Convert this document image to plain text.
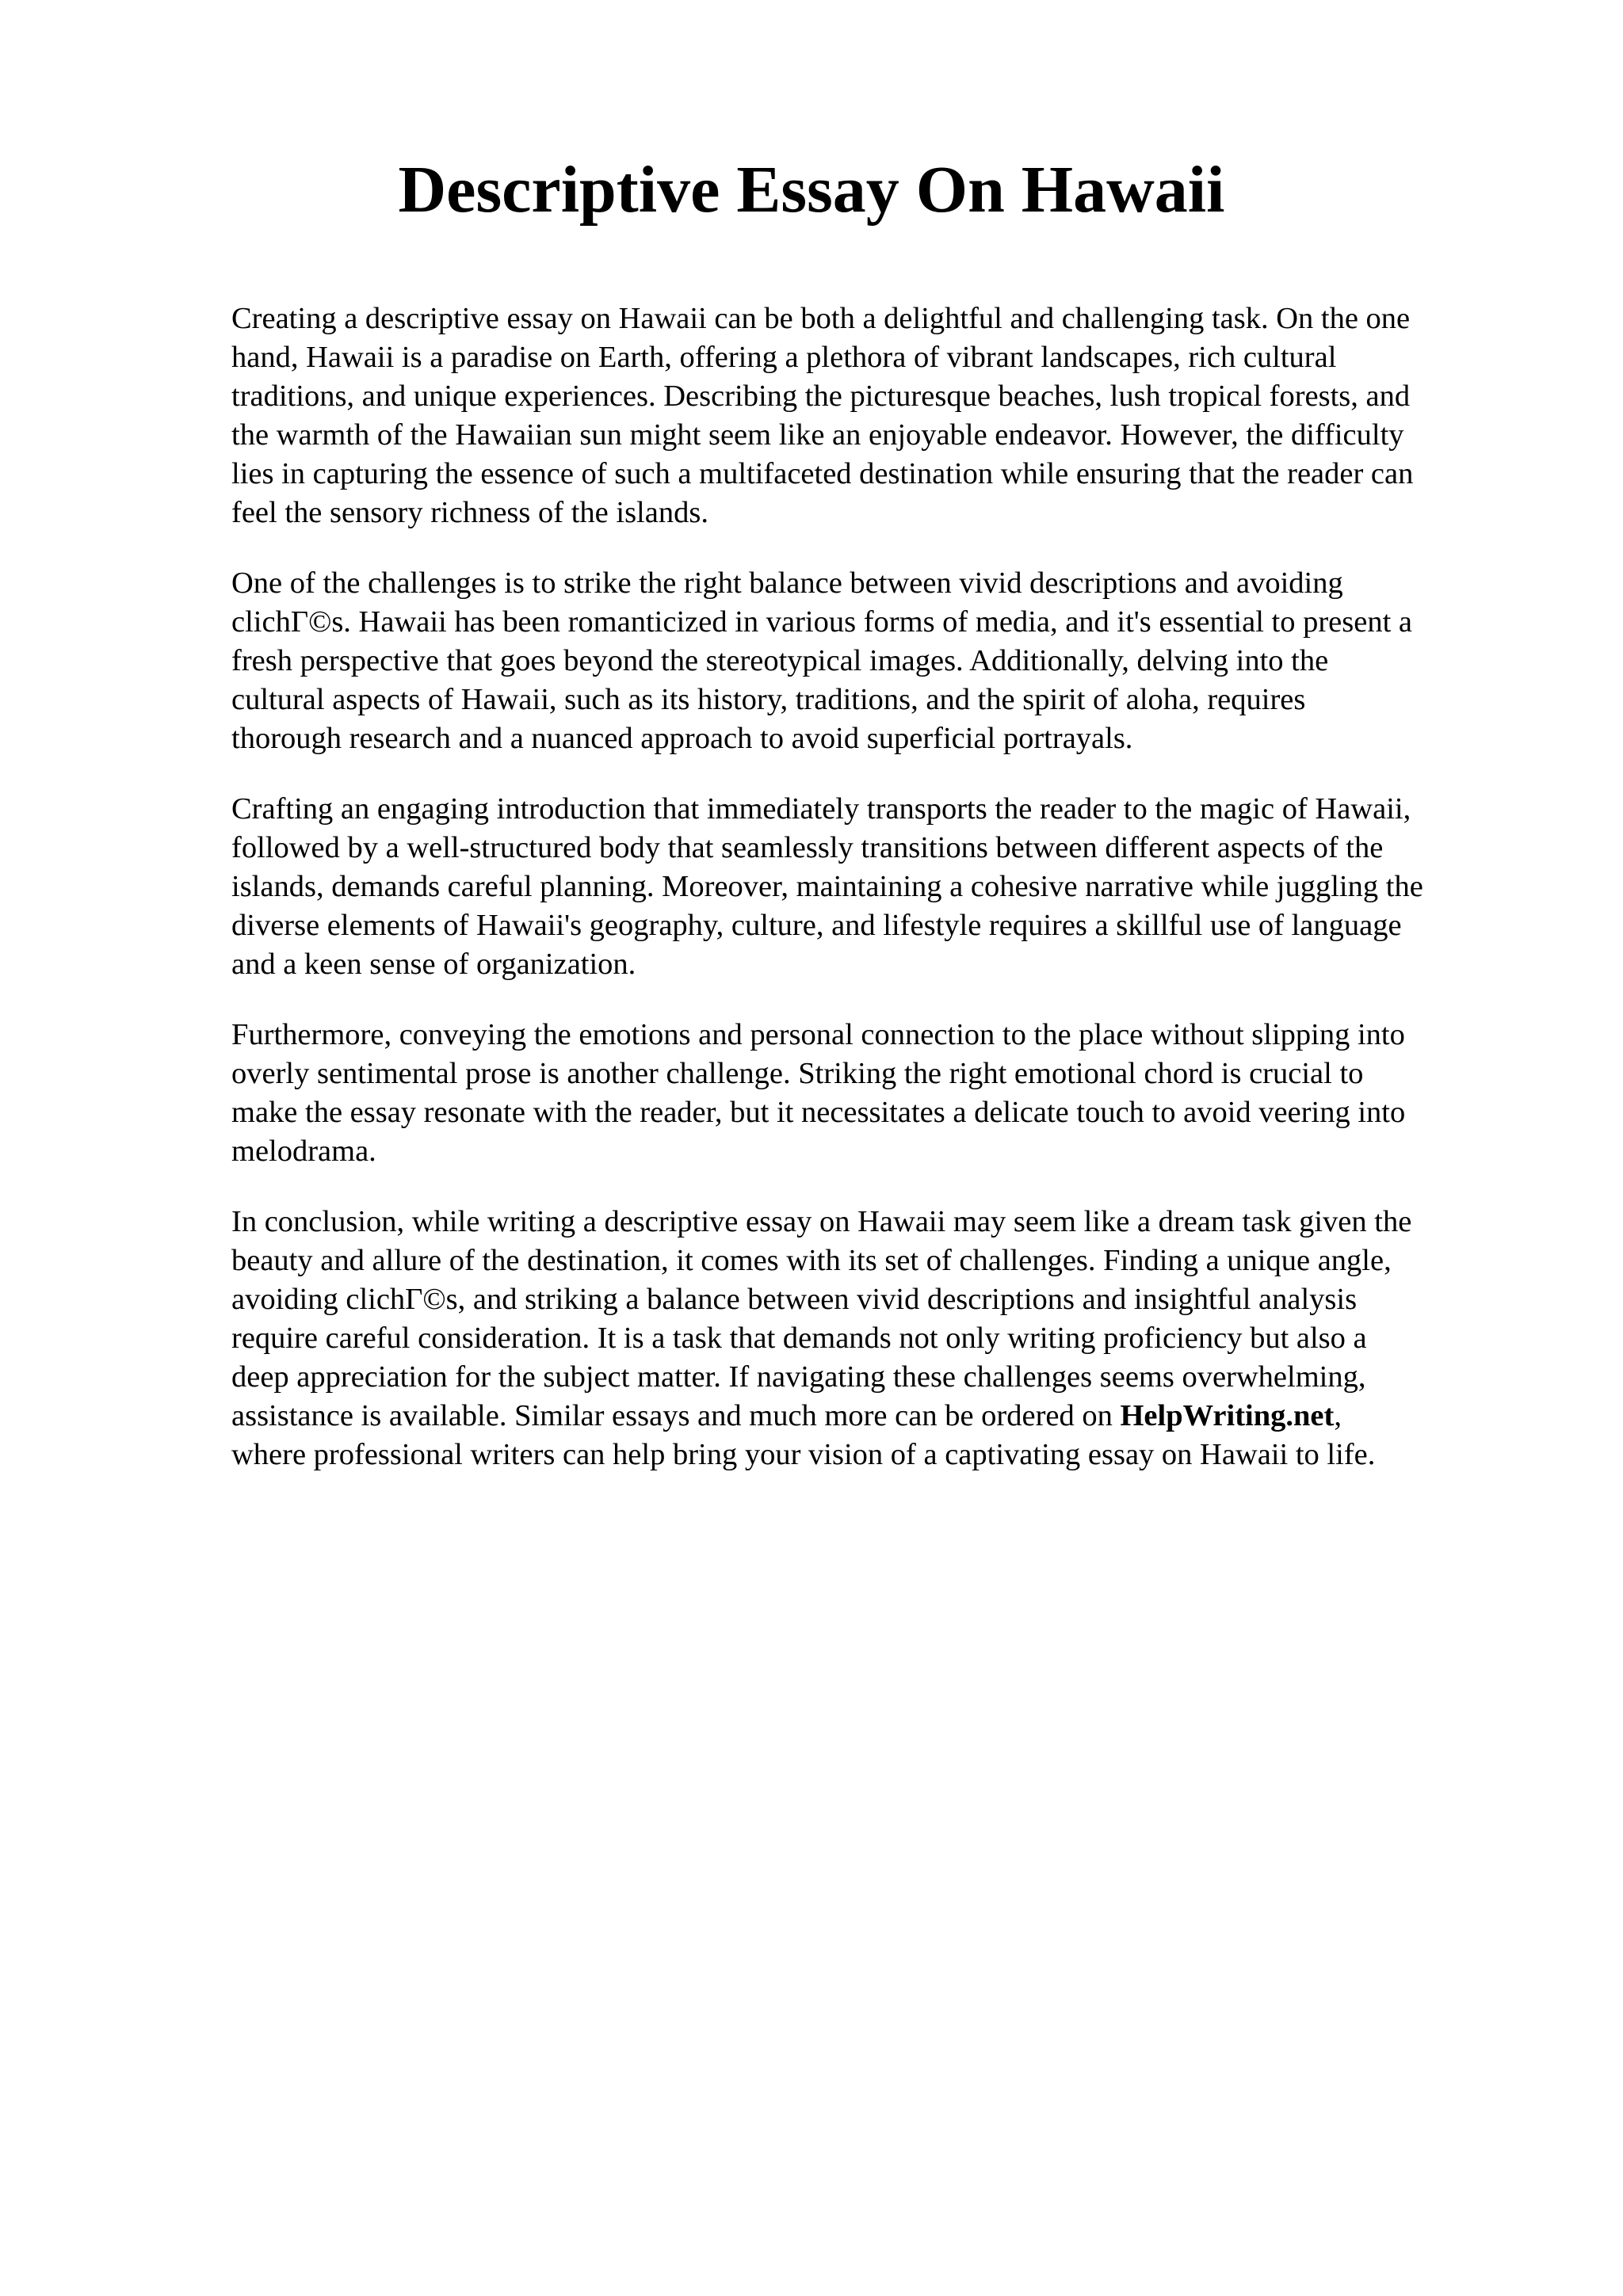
Descriptive Essay On Hawaii

Creating a descriptive essay on Hawaii can be both a delightful and challenging task. On the one
hand, Hawaii is a paradise on Earth, offering a plethora of vibrant landscapes, rich cultural
traditions, and unique experiences. Describing the picturesque beaches, lush tropical forests, and
the warmth of the Hawaiian sun might seem like an enjoyable endeavor. However, the difficulty
lies in capturing the essence of such a multifaceted destination while ensuring that the reader can
feel the sensory richness of the islands.

One of the challenges is to strike the right balance between vivid descriptions and avoiding
clichГ©s. Hawaii has been romanticized in various forms of media, and it's essential to present a
fresh perspective that goes beyond the stereotypical images. Additionally, delving into the
cultural aspects of Hawaii, such as its history, traditions, and the spirit of aloha, requires
thorough research and a nuanced approach to avoid superficial portrayals.

Crafting an engaging introduction that immediately transports the reader to the magic of Hawaii,
followed by a well-structured body that seamlessly transitions between different aspects of the
islands, demands careful planning. Moreover, maintaining a cohesive narrative while juggling the
diverse elements of Hawaii's geography, culture, and lifestyle requires a skillful use of language
and a keen sense of organization.

Furthermore, conveying the emotions and personal connection to the place without slipping into
overly sentimental prose is another challenge. Striking the right emotional chord is crucial to
make the essay resonate with the reader, but it necessitates a delicate touch to avoid veering into
melodrama.

In conclusion, while writing a descriptive essay on Hawaii may seem like a dream task given the
beauty and allure of the destination, it comes with its set of challenges. Finding a unique angle,
avoiding clichГ©s, and striking a balance between vivid descriptions and insightful analysis
require careful consideration. It is a task that demands not only writing proficiency but also a
deep appreciation for the subject matter. If navigating these challenges seems overwhelming,
assistance is available. Similar essays and much more can be ordered on HelpWriting.net,
where professional writers can help bring your vision of a captivating essay on Hawaii to life.
